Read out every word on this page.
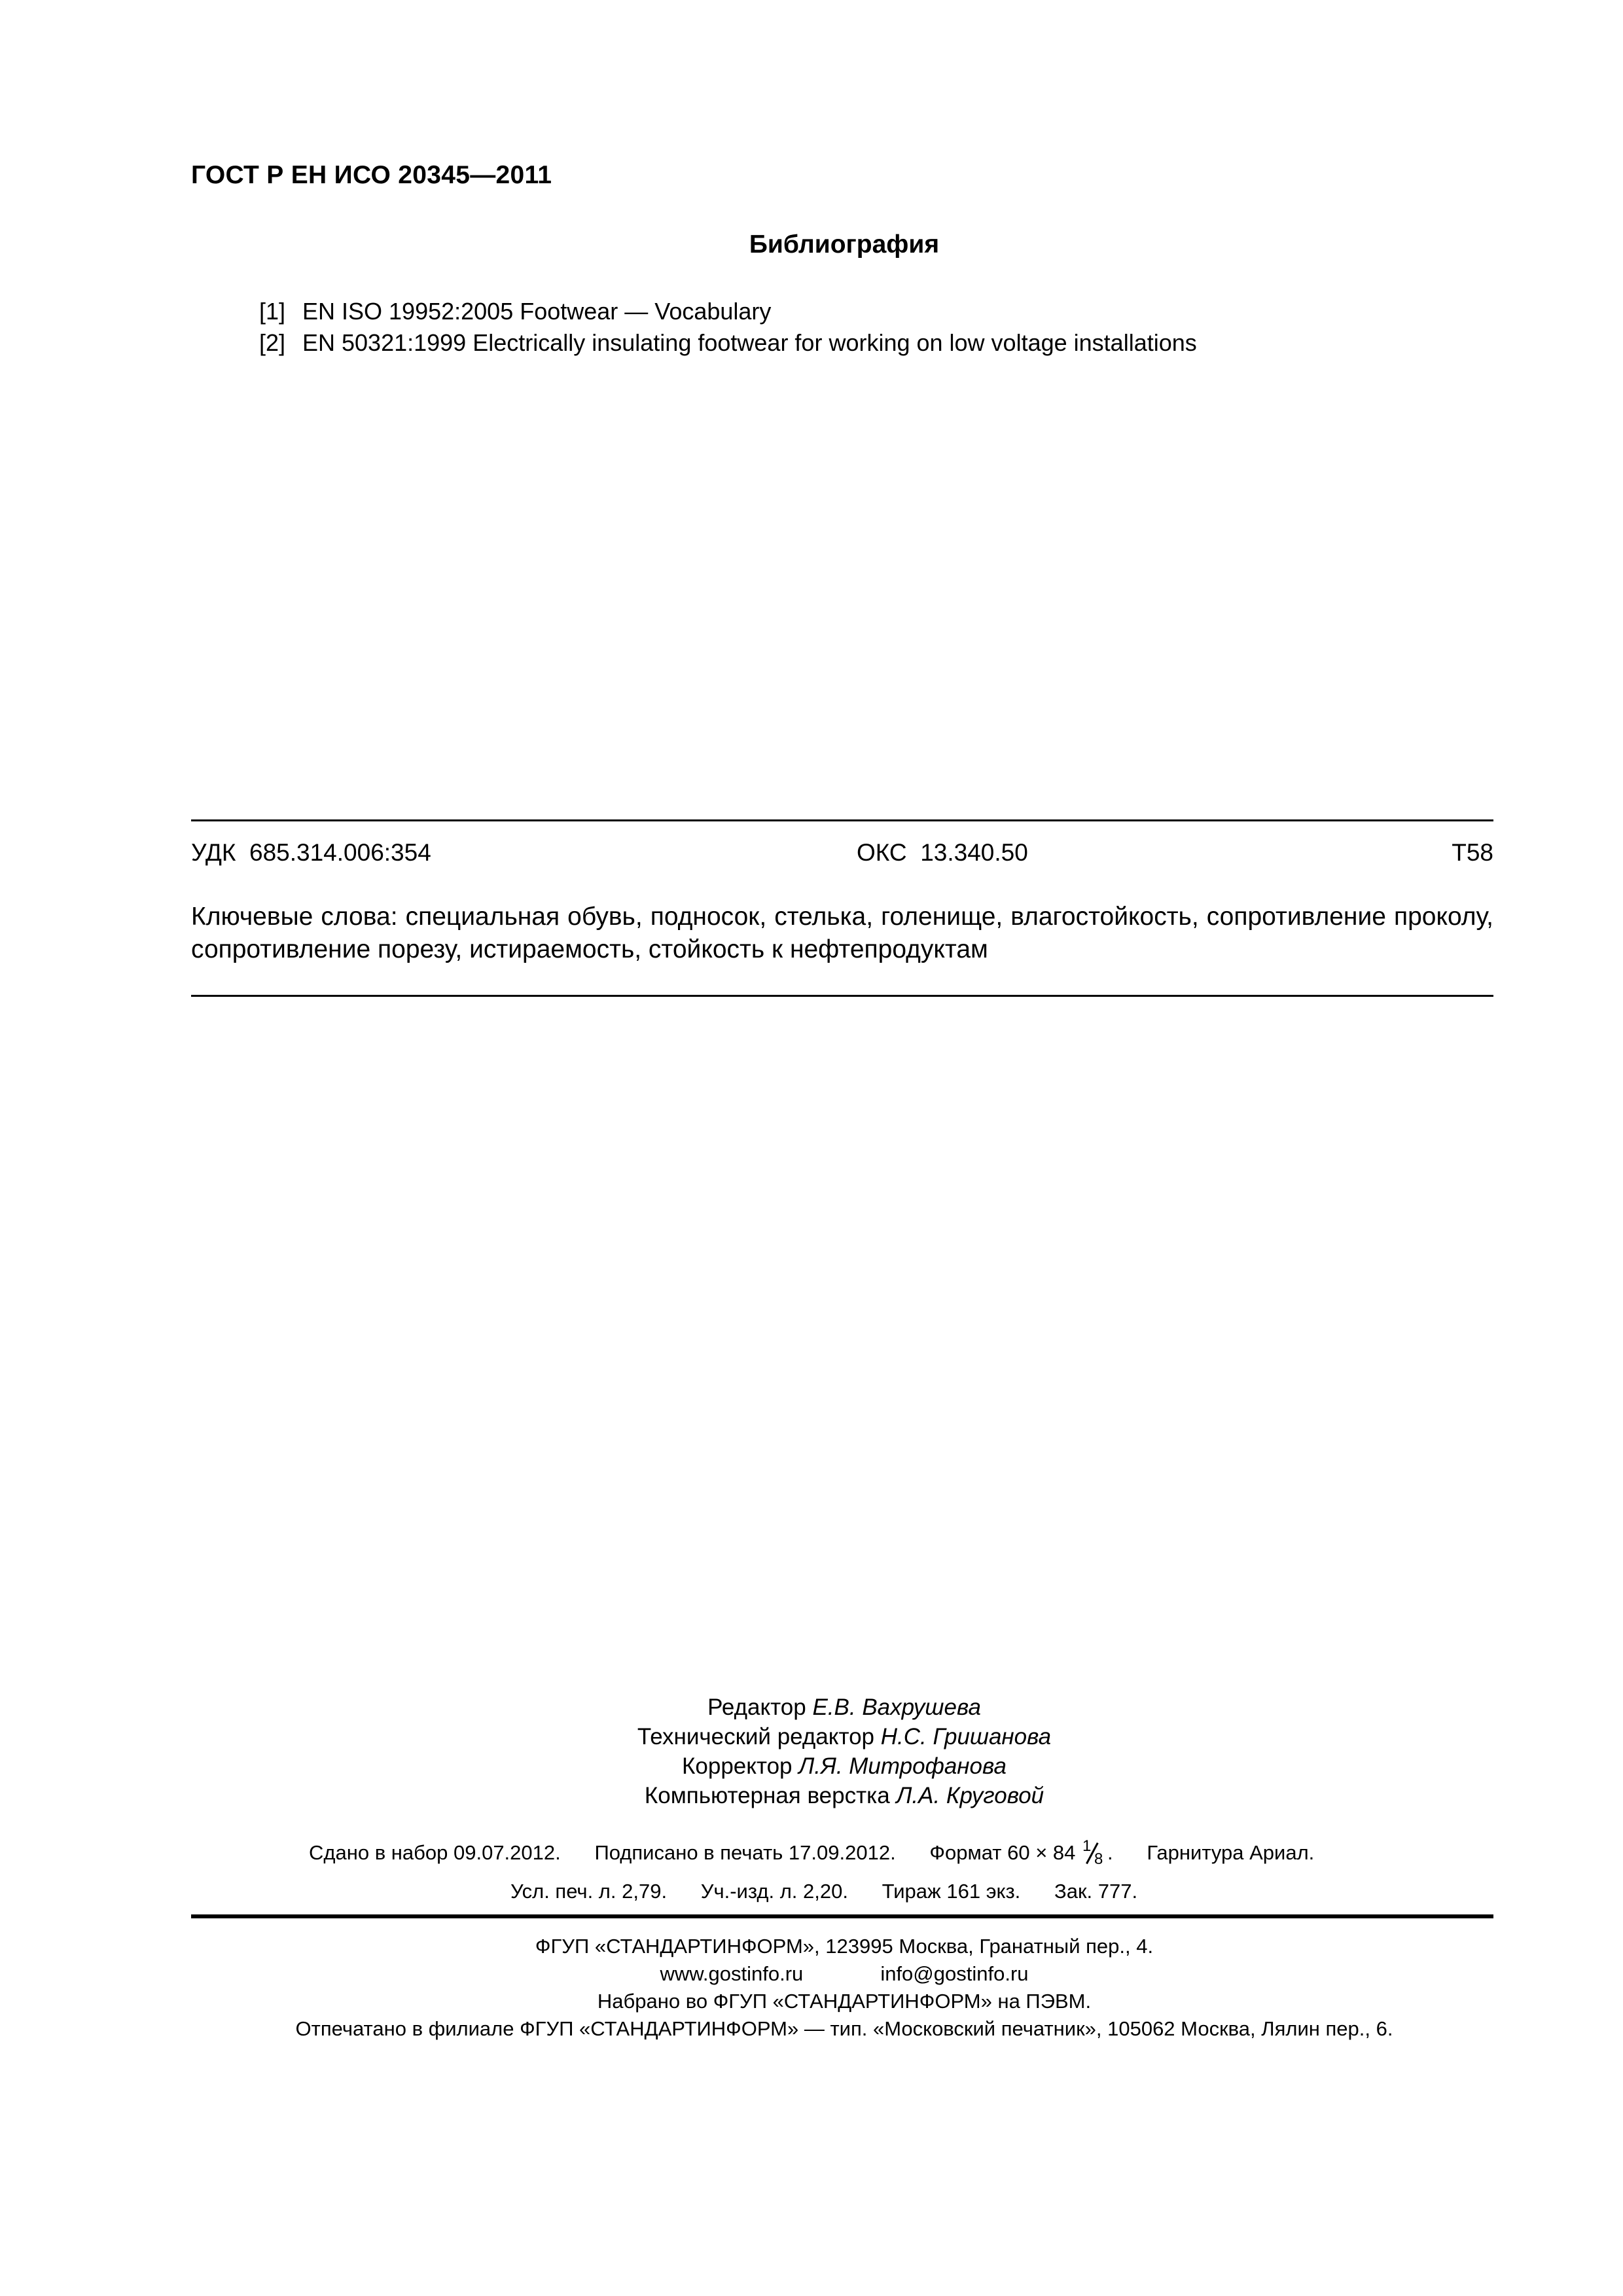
ГОСТ Р ЕН ИСО 20345—2011
Библиография
[1] EN ISO 19952:2005 Footwear — Vocabulary
[2] EN 50321:1999 Electrically insulating footwear for working on low voltage installations
УДК  685.314.006:354	ОКС  13.340.50	Т58
Ключевые слова: специальная обувь, подносок, стелька, голенище, влагостойкость, сопротивление проколу, сопротивление порезу, истираемость, стойкость к нефтепродуктам
Редактор Е.В. Вахрушева
Технический редактор Н.С. Гришанова
Корректор Л.Я. Митрофанова
Компьютерная верстка Л.А. Круговой
Сдано в набор 09.07.2012. Подписано в печать 17.09.2012. Формат 60 × 84 1
8 . Гарнитура Ариал.
Усл. печ. л. 2,79. Уч.-изд. л. 2,20. Тираж 161 экз. Зак. 777.
ФГУП «СТАНДАРТИНФОРМ», 123995 Москва, Гранатный пер., 4.
www.gostinfo.ru	info@gostinfo.ru
Набрано во ФГУП «СТАНДАРТИНФОРМ» на ПЭВМ.
Отпечатано в филиале ФГУП «СТАНДАРТИНФОРМ» — тип. «Московский печатник», 105062 Москва, Лялин пер., 6.
